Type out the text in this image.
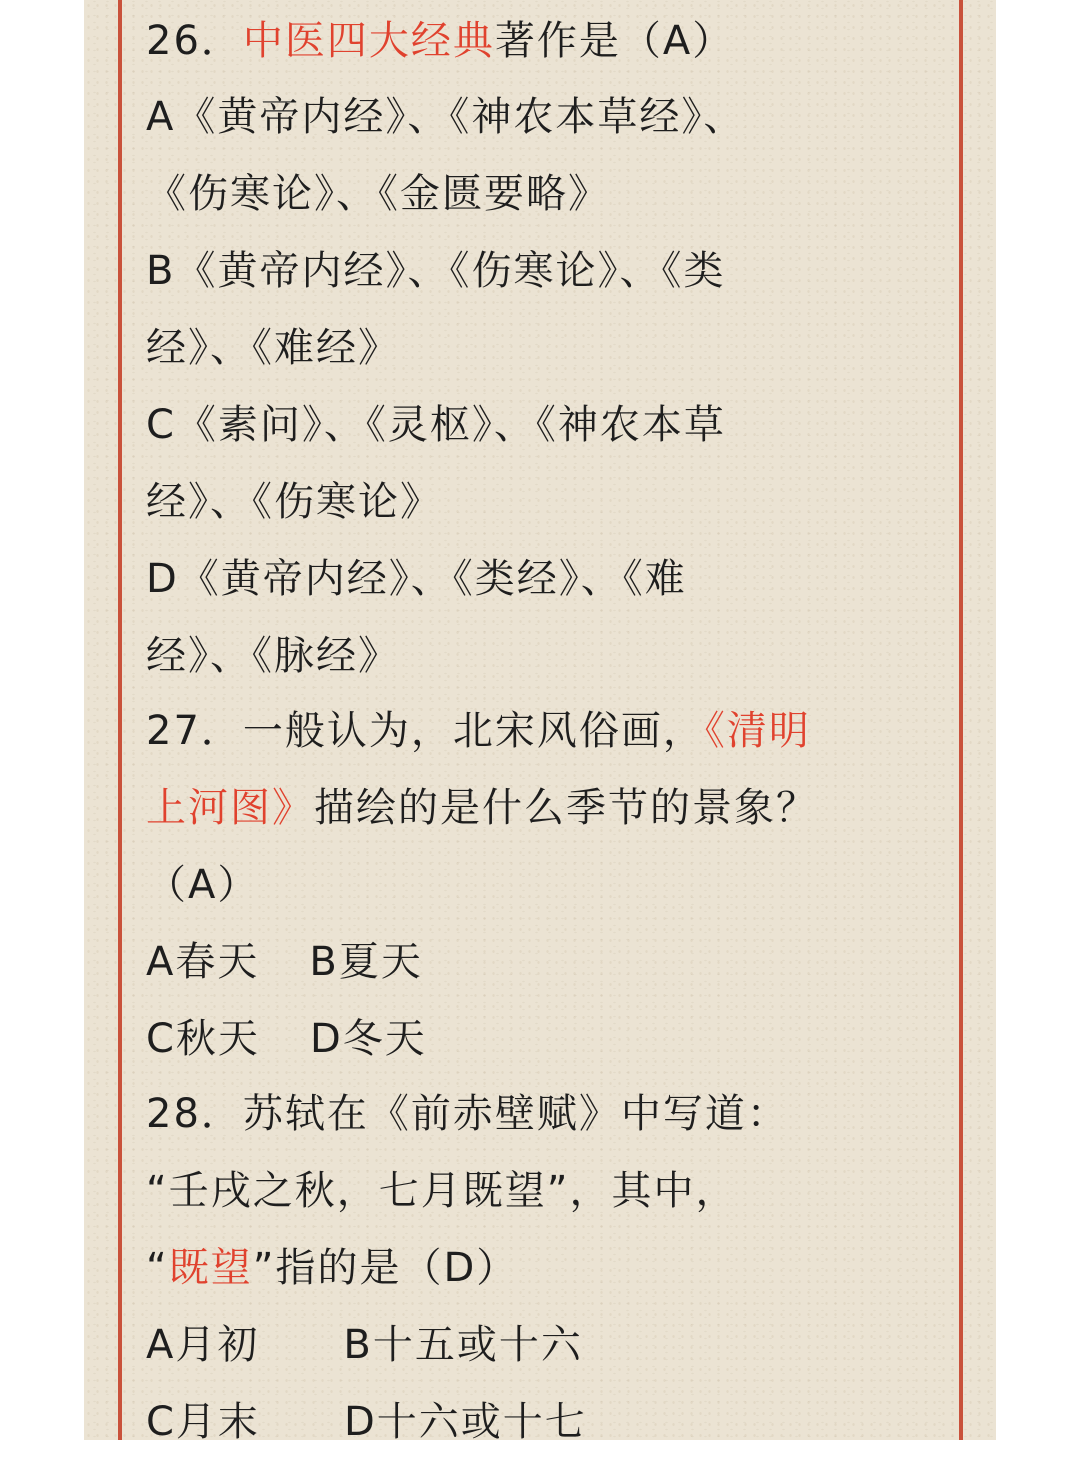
26．中医四大经典著作是（A）
A《黄帝内经》、《神农本草经》、
《伤寒论》、《金匮要略》
B《黄帝内经》、《伤寒论》、《类
经》、《难经》
C《素问》、《灵枢》、《神农本草
经》、《伤寒论》
D《黄帝内经》、《类经》、《难
经》、《脉经》
27．一般认为，北宋风俗画，《清明
上河图》描绘的是什么季节的景象？
（A）
A春天 B夏天
C秋天 D冬天
28．苏轼在《前赤壁赋》中写道：
“壬戌之秋，七月既望”，其中，
“既望”指的是（D）
A月初 B十五或十六
C月末 D十六或十七
